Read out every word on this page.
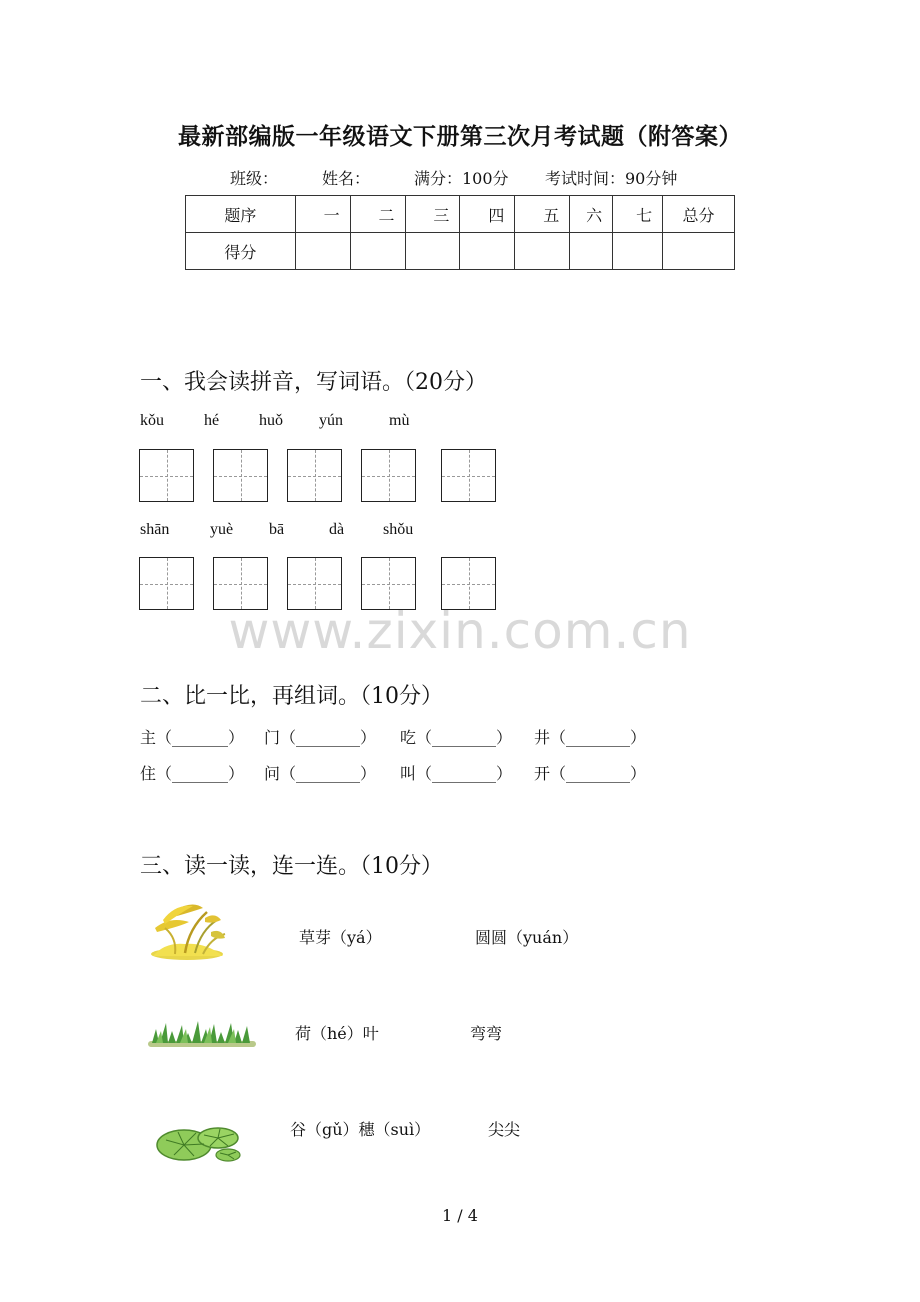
最新部编版一年级语文下册第三次月考试题（附答案）
班级：	姓名：	满分：100分 考试时间：90分钟
题序	一	二	三	四	五	六	七	总分
得分								
一、我会读拼音，写词语。（20分）
kǒu	hé huǒ yún	mù
shān	yuè bā	dà shǒu
www.zixin.com.cn
二、比一比，再组词。（10分）
主（_______） 门（________） 吃（________） 井（________）
住（_______） 问（________） 叫（________） 开（________）
三、读一读，连一连。（10分）
草芽（yá）	圆圆（yuán）
荷（hé）叶	弯弯
谷（gǔ）穗（suì）	尖尖
1 / 4
